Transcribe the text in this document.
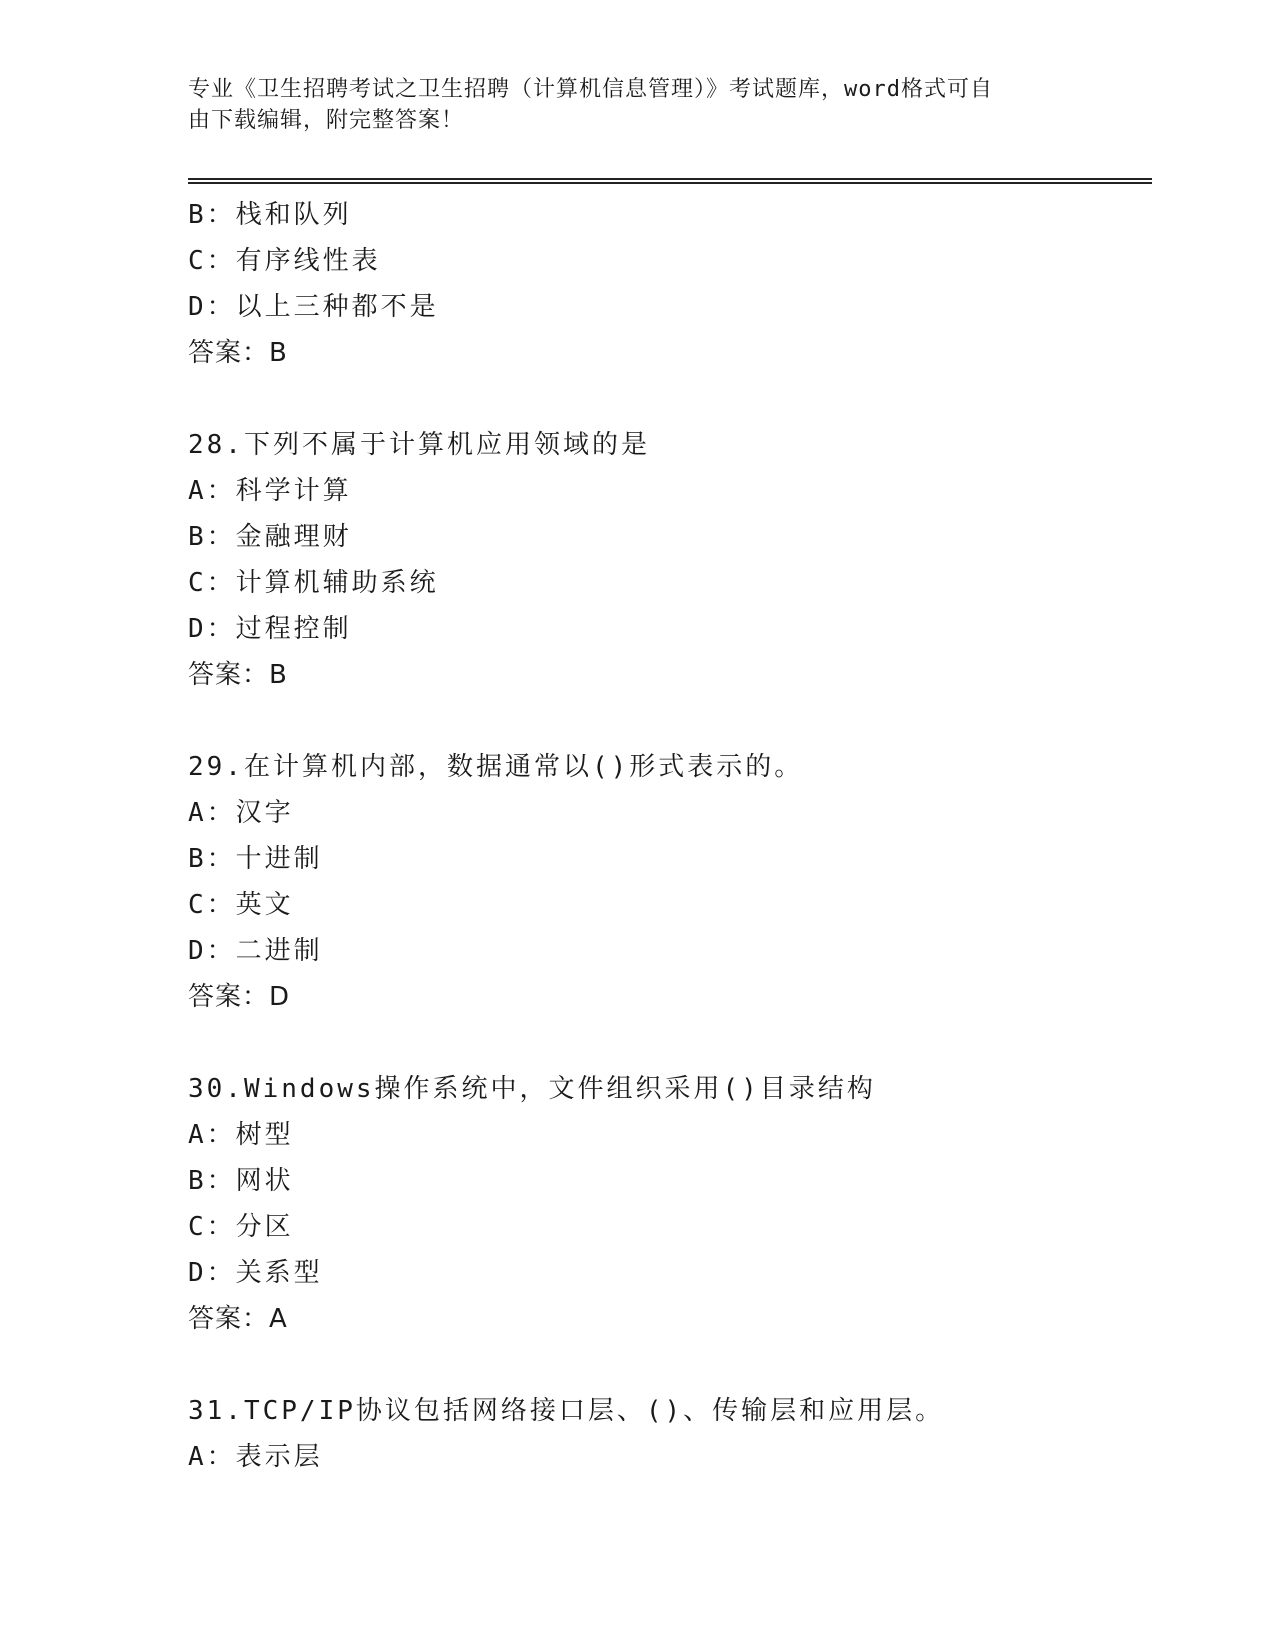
专业《卫生招聘考试之卫生招聘（计算机信息管理）》考试题库，word格式可自
由下载编辑，附完整答案！
B：栈和队列
C：有序线性表
D：以上三种都不是
答案：B
28.下列不属于计算机应用领域的是
A：科学计算
B：金融理财
C：计算机辅助系统
D：过程控制
答案：B
29.在计算机内部，数据通常以()形式表示的。
A：汉字
B：十进制
C：英文
D：二进制
答案：D
30.Windows操作系统中，文件组织采用()目录结构
A：树型
B：网状
C：分区
D：关系型
答案：A
31.TCP/IP协议包括网络接口层、()、传输层和应用层。
A：表示层
